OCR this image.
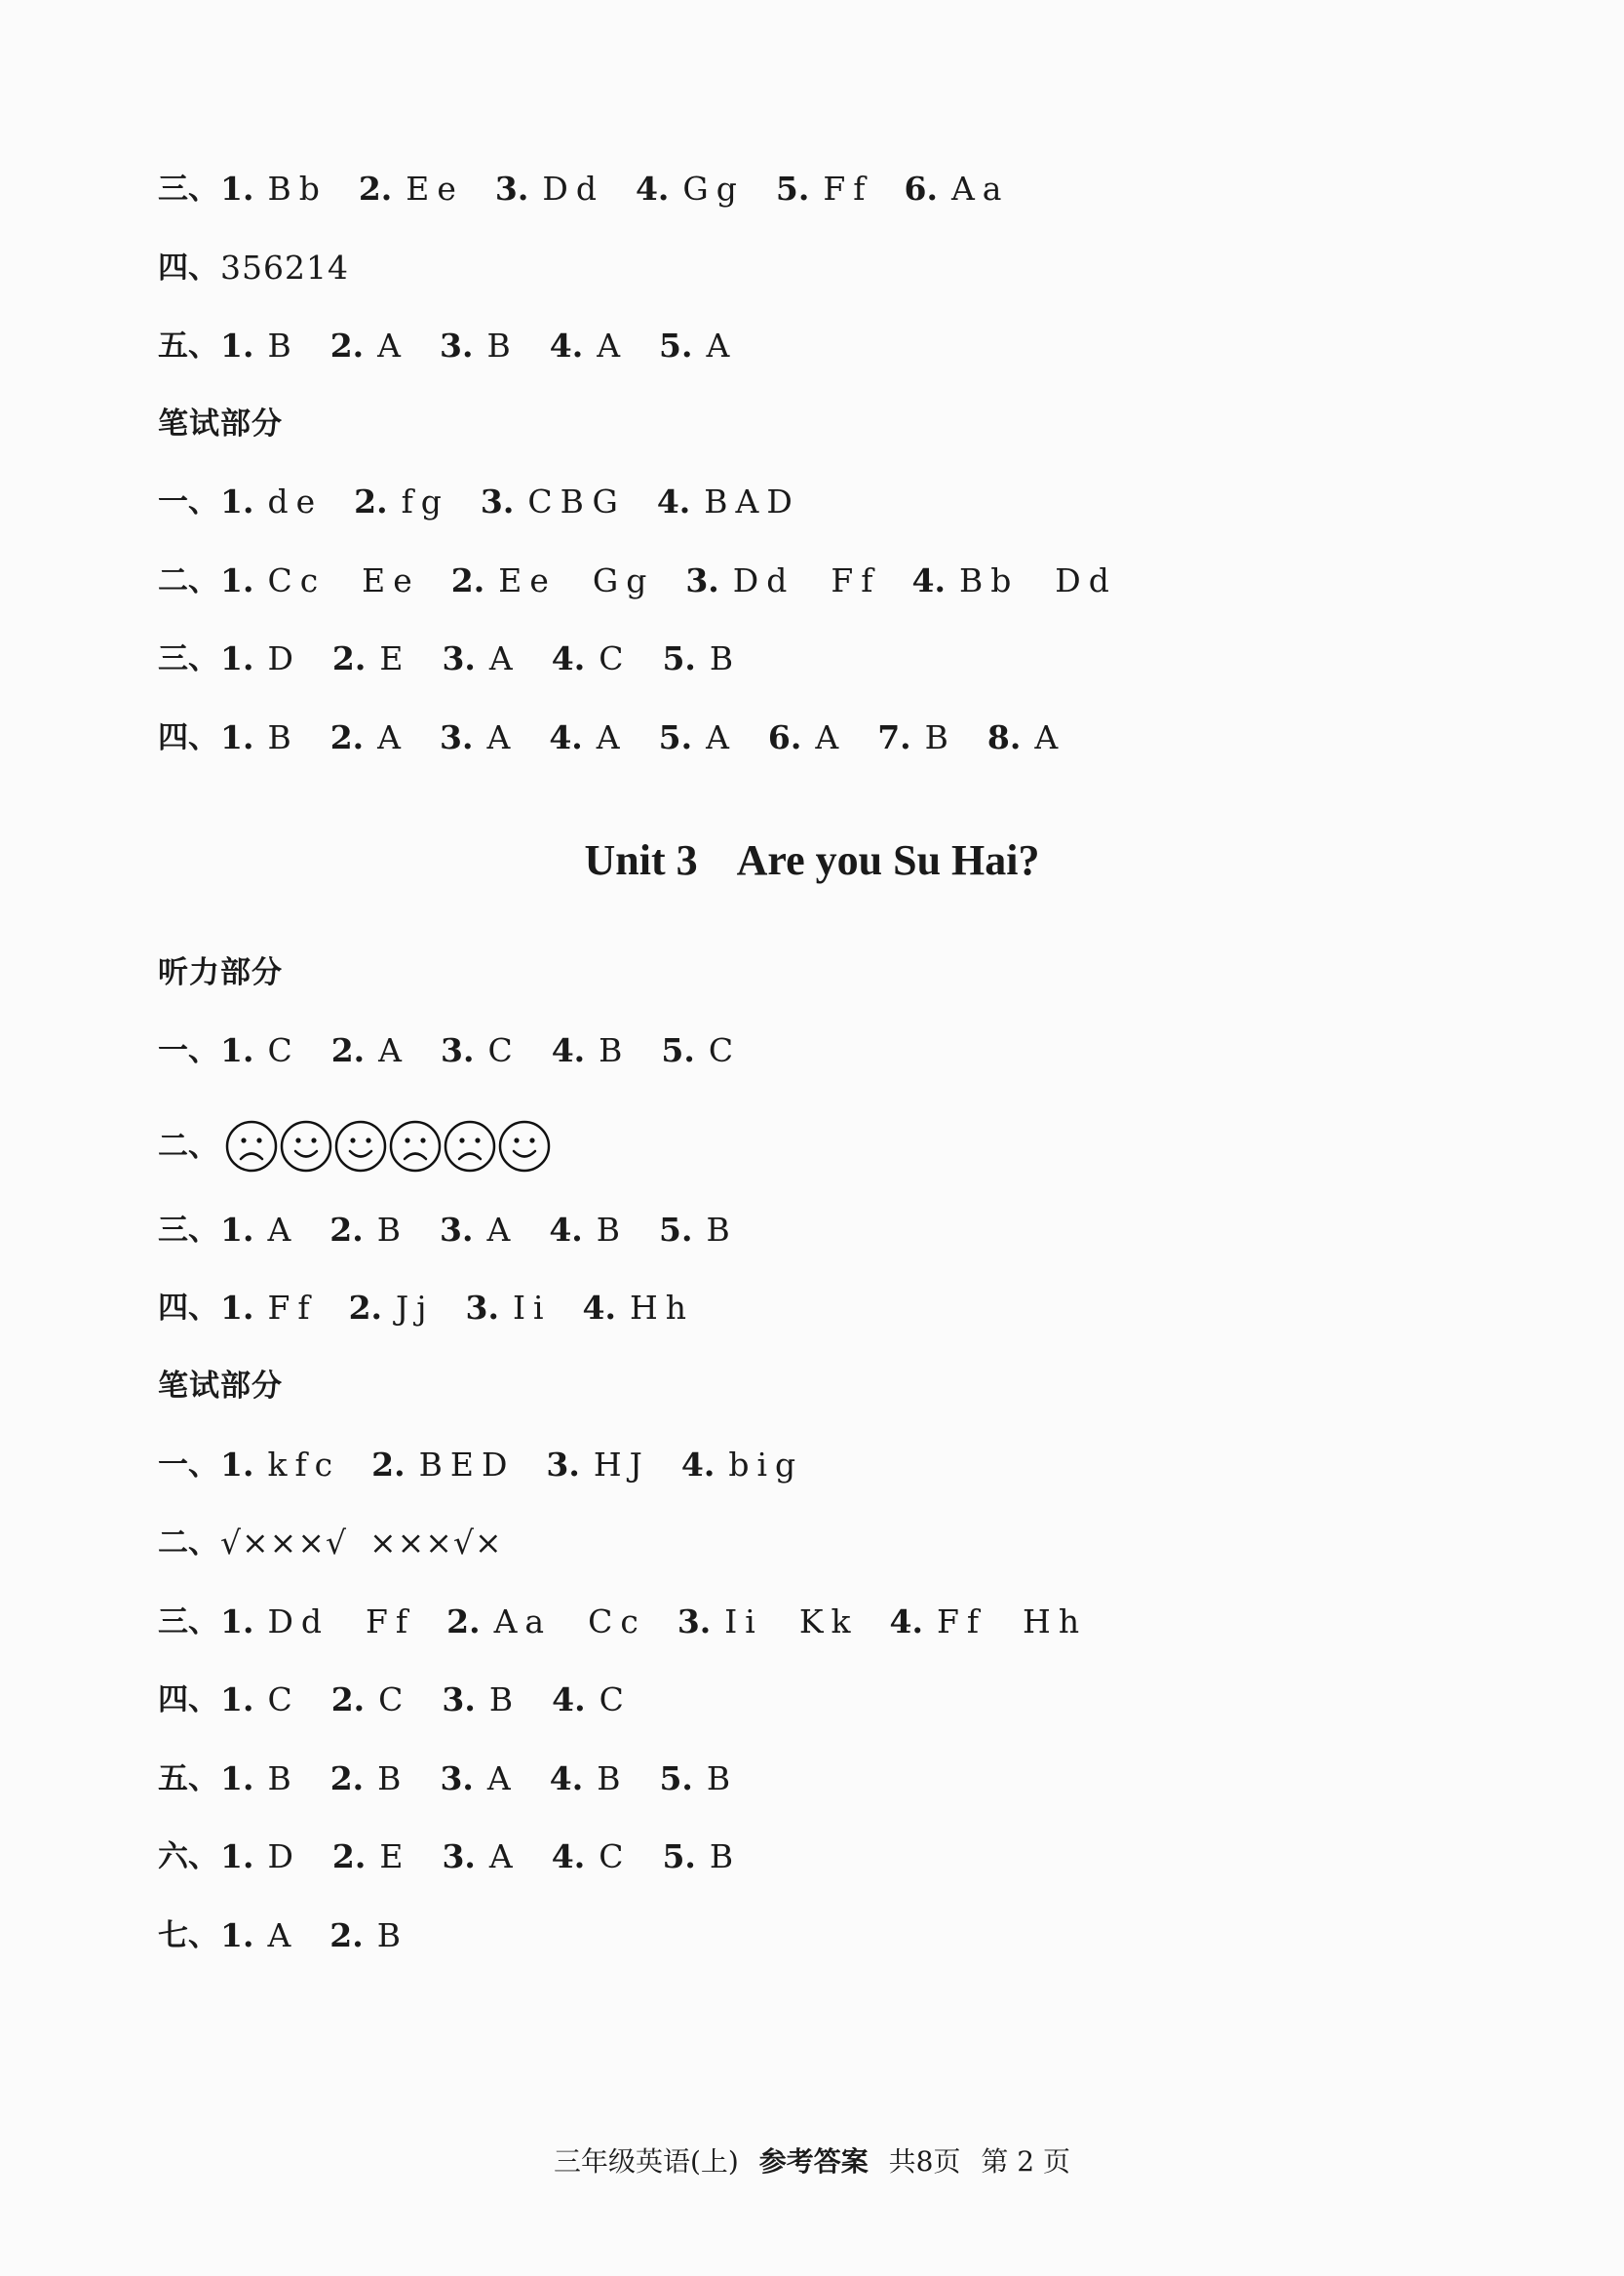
三、 1. Bb 2. Ee 3. Dd 4. Gg 5. Ff 6. Aa
四、 356214
五、 1. B 2. A 3. B 4. A 5. A
笔试部分
一、 1. de 2. fg 3. CBG 4. BAD
二、 1. Cc  Ee 2. Ee  Gg 3. Dd  Ff 4. Bb  Dd
三、 1. D 2. E 3. A 4. C 5. B
四、 1. B 2. A 3. A 4. A 5. A 6. A 7. B 8. A
听力部分
一、 1. C 2. A 3. C 4. B 5. C
二、
三、 1. A 2. B 3. A 4. B 5. B
四、 1. Ff 2. Jj 3. Ii 4. Hh
笔试部分
一、 1. kfc 2. BED 3. HJ 4. big
二、 √×××√  ×××√×
三、 1. Dd  Ff 2. Aa  Cc 3. Ii  Kk 4. Ff  Hh
四、 1. C 2. C 3. B 4. C
五、 1. B 2. B 3. A 4. B 5. B
六、 1. D 2. E 3. A 4. C 5. B
七、 1. A 2. B
Unit 3 Are you Su Hai?
三年级英语(上) 参考答案 共8页 第 2 页
